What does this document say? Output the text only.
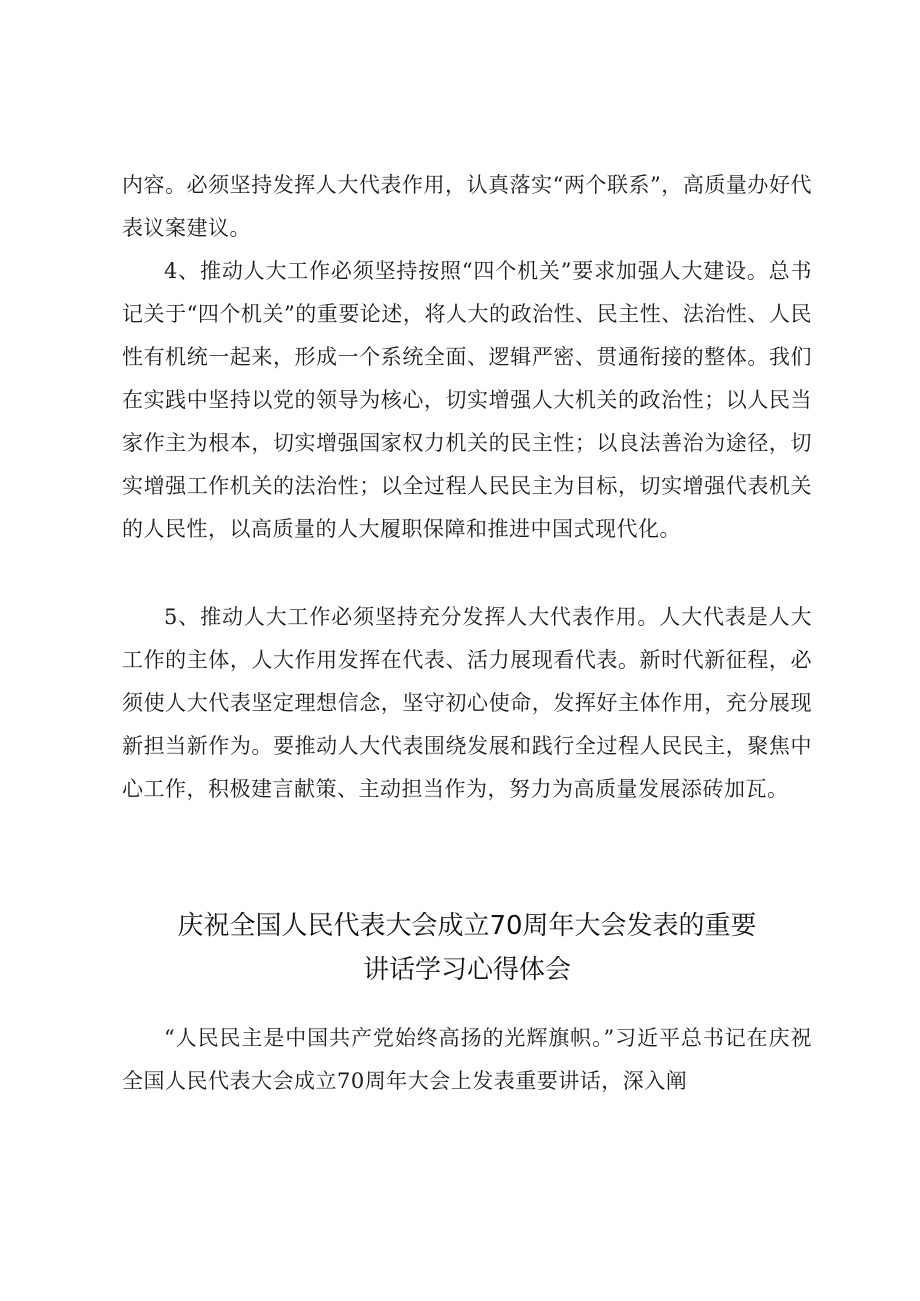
内容。必须坚持发挥人大代表作用，认真落实“两个联系”，高质量办好代表议案建议。

4、推动人大工作必须坚持按照“四个机关”要求加强人大建设。总书记关于“四个机关”的重要论述，将人大的政治性、民主性、法治性、人民性有机统一起来，形成一个系统全面、逻辑严密、贯通衔接的整体。我们在实践中坚持以党的领导为核心，切实增强人大机关的政治性；以人民当家作主为根本，切实增强国家权力机关的民主性；以良法善治为途径，切实增强工作机关的法治性；以全过程人民民主为目标，切实增强代表机关的人民性，以高质量的人大履职保障和推进中国式现代化。

5、推动人大工作必须坚持充分发挥人大代表作用。人大代表是人大工作的主体，人大作用发挥在代表、活力展现看代表。新时代新征程，必须使人大代表坚定理想信念，坚守初心使命，发挥好主体作用，充分展现新担当新作为。要推动人大代表围绕发展和践行全过程人民民主，聚焦中心工作，积极建言献策、主动担当作为，努力为高质量发展添砖加瓦。

庆祝全国人民代表大会成立70周年大会发表的重要
讲话学习心得体会

“人民民主是中国共产党始终高扬的光辉旗帜。”习近平总书记在庆祝全国人民代表大会成立70周年大会上发表重要讲话，深入阐
